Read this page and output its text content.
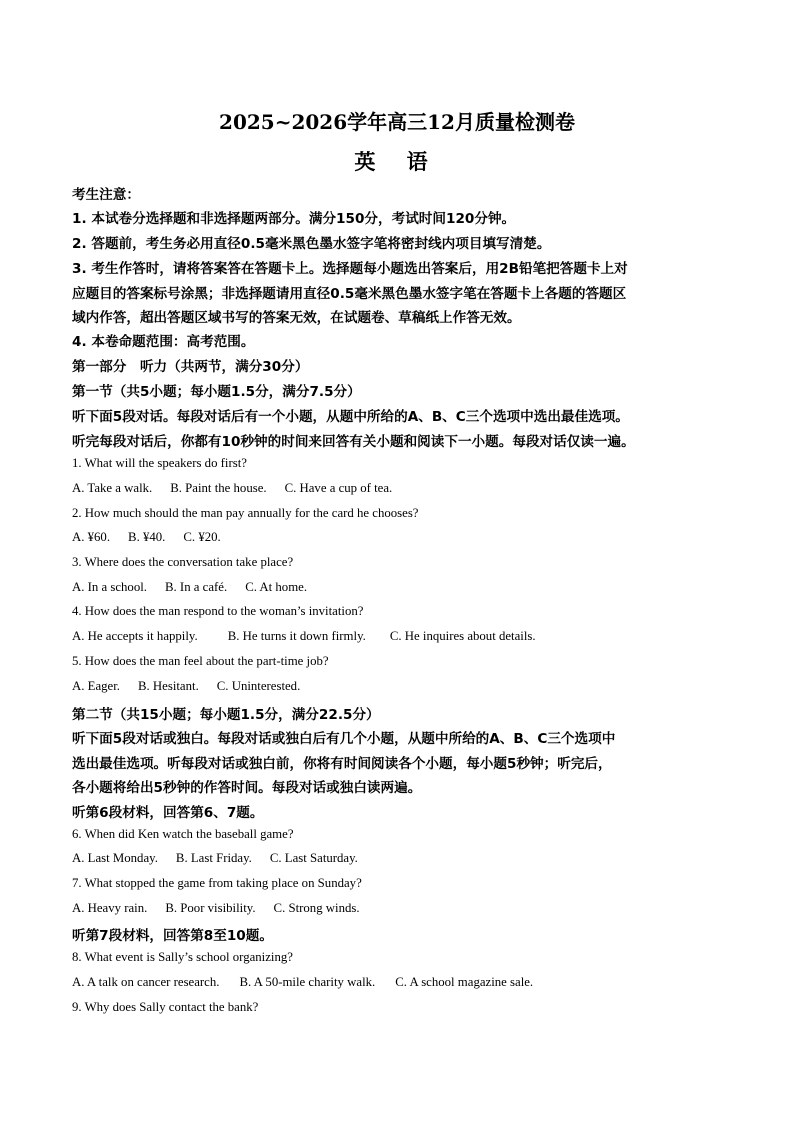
2025~2026学年高三12月质量检测卷
英 语
考生注意：
1. 本试卷分选择题和非选择题两部分。满分150分，考试时间120分钟。
2. 答题前，考生务必用直径0.5毫米黑色墨水签字笔将密封线内项目填写清楚。
3. 考生作答时，请将答案答在答题卡上。选择题每小题选出答案后，用2B铅笔把答题卡上对
应题目的答案标号涂黑；非选择题请用直径0.5毫米黑色墨水签字笔在答题卡上各题的答题区
域内作答，超出答题区域书写的答案无效，在试题卷、草稿纸上作答无效。
4. 本卷命题范围：高考范围。
第一部分　听力（共两节，满分30分）
第一节（共5小题；每小题1.5分，满分7.5分）
听下面5段对话。每段对话后有一个小题，从题中所给的A、B、C三个选项中选出最佳选项。
听完每段对话后，你都有10秒钟的时间来回答有关小题和阅读下一小题。每段对话仅读一遍。
1. What will the speakers do first?
A. Take a walk. B. Paint the house. C. Have a cup of tea.
2. How much should the man pay annually for the card he chooses?
A. ¥60. B. ¥40. C. ¥20.
3. Where does the conversation take place?
A. In a school. B. In a café. C. At home.
4. How does the man respond to the woman’s invitation?
A. He accepts it happily. B. He turns it down firmly. C. He inquires about details.
5. How does the man feel about the part-time job?
A. Eager. B. Hesitant. C. Uninterested.
第二节（共15小题；每小题1.5分，满分22.5分）
听下面5段对话或独白。每段对话或独白后有几个小题，从题中所给的A、B、C三个选项中
选出最佳选项。听每段对话或独白前，你将有时间阅读各个小题，每小题5秒钟；听完后，
各小题将给出5秒钟的作答时间。每段对话或独白读两遍。
听第6段材料，回答第6、7题。
6. When did Ken watch the baseball game?
A. Last Monday. B. Last Friday. C. Last Saturday.
7. What stopped the game from taking place on Sunday?
A. Heavy rain. B. Poor visibility. C. Strong winds.
听第7段材料，回答第8至10题。
8. What event is Sally’s school organizing?
A. A talk on cancer research. B. A 50-mile charity walk. C. A school magazine sale.
9. Why does Sally contact the bank?
